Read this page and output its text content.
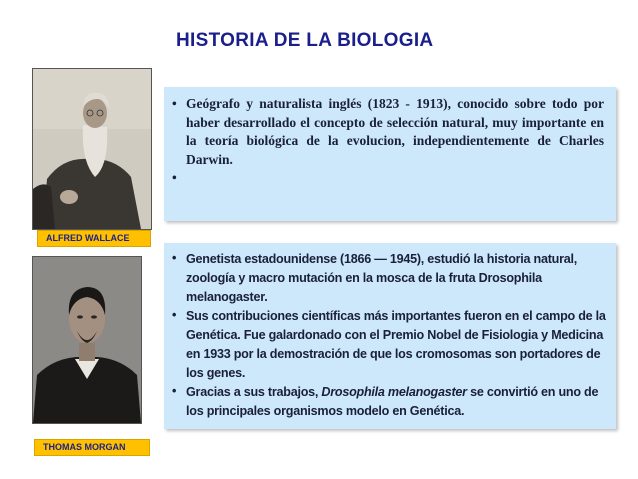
HISTORIA DE LA BIOLOGIA
ALFRED WALLACE
THOMAS MORGAN
• Geógrafo y naturalista inglés (1823 - 1913), conocido sobre todo por haber desarrollado el concepto de selección natural, muy importante en la teoría biológica de la evolucion, independientemente de Charles Darwin.
•
• Genetista estadounidense (1866 — 1945), estudió la historia natural, zoología y macro mutación en la mosca de la fruta Drosophila melanogaster.
• Sus contribuciones científicas más importantes fueron en el campo de la Genética. Fue galardonado con el Premio Nobel de Fisiologia y Medicina en 1933 por la demostración de que los cromosomas son portadores de los genes.
• Gracias a sus trabajos, Drosophila melanogaster se convirtió en uno de los principales organismos modelo en Genética.
